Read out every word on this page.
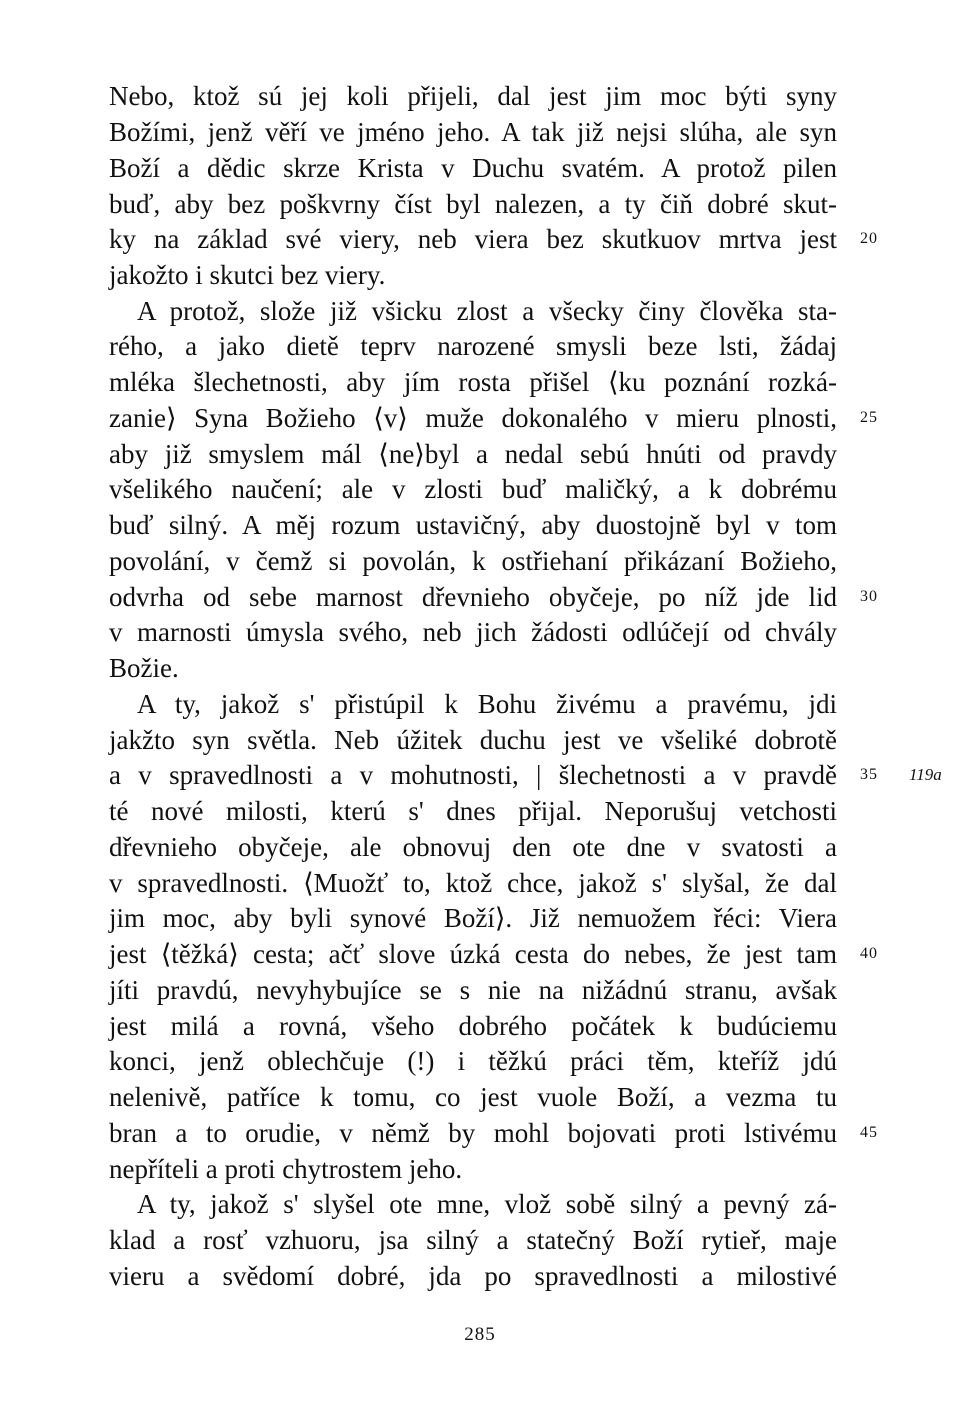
Nebo, ktož sú jej koli přijeli, dal jest jim moc býti syny
Božími, jenž věří ve jméno jeho. A tak již nejsi slúha, ale syn
Boží a dědic skrze Krista v Duchu svatém. A protož pilen
buď, aby bez poškvrny číst byl nalezen, a ty čiň dobré skut-
ky na základ své viery, neb viera bez skutkuov mrtva jest
jakožto i skutci bez viery.
A protož, slože již všicku zlost a všecky činy člověka sta-
rého, a jako dietě teprv narozené smysli beze lsti, žádaj
mléka šlechetnosti, aby jím rosta přišel ⟨ku poznání rozká-
zanie⟩ Syna Božieho ⟨v⟩ muže dokonalého v mieru plnosti,
aby již smyslem mál ⟨ne⟩byl a nedal sebú hnúti od pravdy
všelikého naučení; ale v zlosti buď maličký, a k dobrému
buď silný. A měj rozum ustavičný, aby duostojně byl v tom
povolání, v čemž si povolán, k ostřiehaní přikázaní Božieho,
odvrha od sebe marnost dřevnieho obyčeje, po níž jde lid
v marnosti úmysla svého, neb jich žádosti odlúčejí od chvály
Božie.
A ty, jakož s' přistúpil k Bohu živému a pravému, jdi
jakžto syn světla. Neb úžitek duchu jest ve všeliké dobrotě
a v spravedlnosti a v mohutnosti, | šlechetnosti a v pravdě
té nové milosti, kterú s' dnes přijal. Neporušuj vetchosti
dřevnieho obyčeje, ale obnovuj den ote dne v svatosti a
v spravedlnosti. ⟨Muožť to, ktož chce, jakož s' slyšal, že dal
jim moc, aby byli synové Boží⟩. Již nemuožem řéci: Viera
jest ⟨těžká⟩ cesta; ačť slove úzká cesta do nebes, že jest tam
jíti pravdú, nevyhybujíce se s nie na nižádnú stranu, avšak
jest milá a rovná, všeho dobrého počátek k budúciemu
konci, jenž oblechčuje (!) i těžkú práci těm, kteříž jdú
nelenivě, patříce k tomu, co jest vuole Boží, a vezma tu
bran a to orudie, v němž by mohl bojovati proti lstivému
nepříteli a proti chytrostem jeho.
A ty, jakož s' slyšel ote mne, vlož sobě silný a pevný zá-
klad a rosť vzhuoru, jsa silný a statečný Boží rytieř, maje
vieru a svědomí dobré, jda po spravedlnosti a milostivé
20
25
30
35
40
45
119a
285
